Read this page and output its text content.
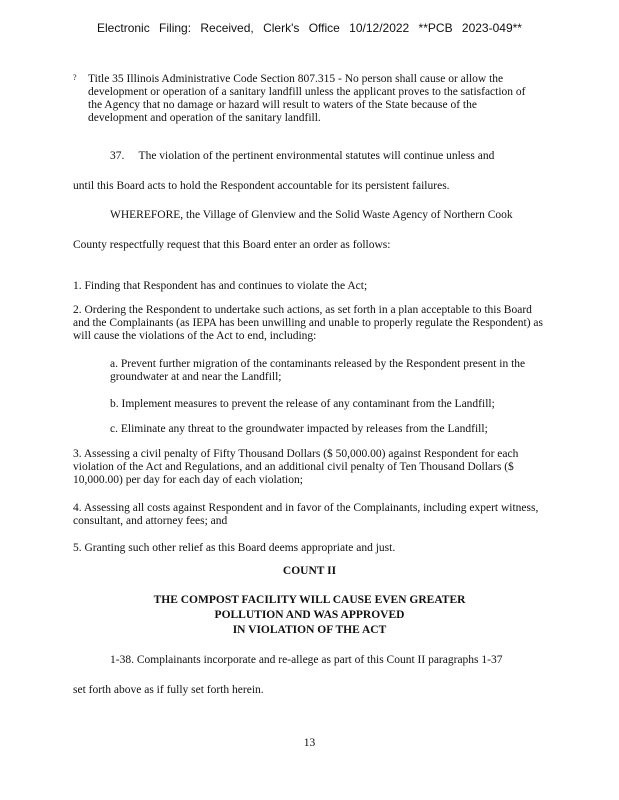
Electronic Filing: Received, Clerk's Office 10/12/2022 **PCB 2023-049**
? Title 35 Illinois Administrative Code Section 807.315 - No person shall cause or allow the development or operation of a sanitary landfill unless the applicant proves to the satisfaction of the Agency that no damage or hazard will result to waters of the State because of the development and operation of the sanitary landfill.
37.     The violation of the pertinent environmental statutes will continue unless and
until this Board acts to hold the Respondent accountable for its persistent failures.
WHEREFORE, the Village of Glenview and the Solid Waste Agency of Northern Cook
County respectfully request that this Board enter an order as follows:
1. Finding that Respondent has and continues to violate the Act;
2. Ordering the Respondent to undertake such actions, as set forth in a plan acceptable to this Board and the Complainants (as IEPA has been unwilling and unable to properly regulate the Respondent) as will cause the violations of the Act to end, including:
a. Prevent further migration of the contaminants released by the Respondent present in the groundwater at and near the Landfill;
b. Implement measures to prevent the release of any contaminant from the Landfill;
c. Eliminate any threat to the groundwater impacted by releases from the Landfill;
3. Assessing a civil penalty of Fifty Thousand Dollars ($ 50,000.00) against Respondent for each violation of the Act and Regulations, and an additional civil penalty of Ten Thousand Dollars ($ 10,000.00) per day for each day of each violation;
4. Assessing all costs against Respondent and in favor of the Complainants, including expert witness, consultant, and attorney fees; and
5. Granting such other relief as this Board deems appropriate and just.
COUNT II
THE COMPOST FACILITY WILL CAUSE EVEN GREATER
POLLUTION AND WAS APPROVED
IN VIOLATION OF THE ACT
1-38. Complainants incorporate and re-allege as part of this Count II paragraphs 1-37
set forth above as if fully set forth herein.
13
